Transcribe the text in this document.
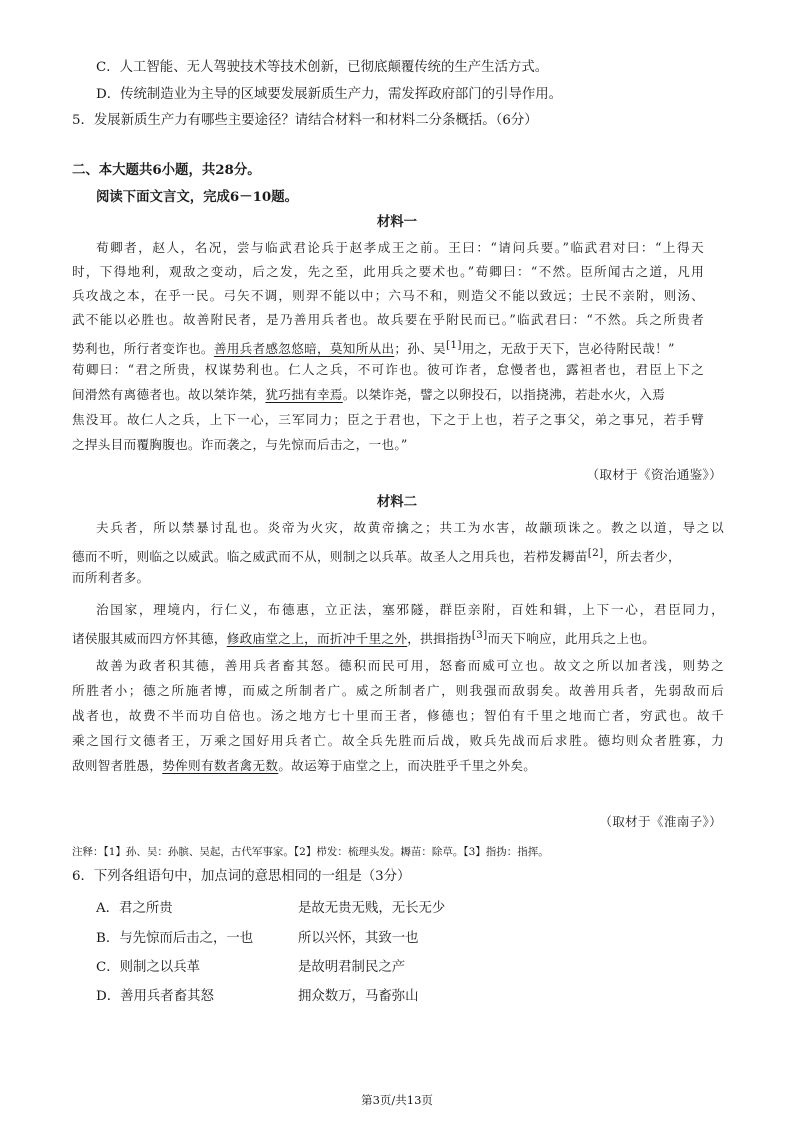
C．人工智能、无人驾驶技术等技术创新，已彻底颠覆传统的生产生活方式。
D．传统制造业为主导的区域要发展新质生产力，需发挥政府部门的引导作用。
5．发展新质生产力有哪些主要途径？请结合材料一和材料二分条概括。（6分）
二、本大题共6小题，共28分。
阅读下面文言文，完成6－10题。
材料一
荀卿者，赵人，名况，尝与临武君论兵于赵孝成王之前。王曰：“请问兵要。”临武君对曰：“上得天
时，下得地利，观敌之变动，后之发，先之至，此用兵之要术也。”荀卿曰：“不然。臣所闻古之道，凡用
兵攻战之本，在乎一民。弓矢不调，则羿不能以中；六马不和，则造父不能以致远；士民不亲附，则汤、
武不能以必胜也。故善附民者，是乃善用兵者也。故兵要在乎附民而已。”临武君曰：“不然。兵之所贵者
势利也，所行者变诈也。善用兵者感忽悠暗，莫知所从出；孙、吴[1]用之，无敌于天下，岂必待附民哉！”
荀卿曰：“君之所贵，权谋势利也。仁人之兵，不可诈也。彼可诈者，怠慢者也，露袒者也，君臣上下之
间滑然有离德者也。故以桀诈桀，犹巧拙有幸焉。以桀诈尧，譬之以卵投石，以指挠沸，若赴水火，入焉
焦没耳。故仁人之兵，上下一心，三军同力；臣之于君也，下之于上也，若子之事父，弟之事兄，若手臂
之捍头目而覆胸腹也。诈而袭之，与先惊而后击之，一也。”
（取材于《资治通鉴》）
材料二
夫兵者，所以禁暴讨乱也。炎帝为火灾，故黄帝擒之；共工为水害，故颛顼诛之。教之以道，导之以
德而不听，则临之以威武。临之威武而不从，则制之以兵革。故圣人之用兵也，若栉发耨苗[2]，所去者少，
而所利者多。
治国家，理境内，行仁义，布德惠，立正法，塞邪隧，群臣亲附，百姓和辑，上下一心，君臣同力，
诸侯服其威而四方怀其德，修政庙堂之上，而折冲千里之外，拱揖指㧑[3]而天下响应，此用兵之上也。
故善为政者积其德，善用兵者畜其怒。德积而民可用，怒畜而威可立也。故文之所以加者浅，则势之
所胜者小；德之所施者博，而威之所制者广。威之所制者广，则我强而敌弱矣。故善用兵者，先弱敌而后
战者也，故费不半而功自倍也。汤之地方七十里而王者，修德也；智伯有千里之地而亡者，穷武也。故千
乘之国行文德者王，万乘之国好用兵者亡。故全兵先胜而后战，败兵先战而后求胜。德均则众者胜寡，力
敌则智者胜愚，势侔则有数者禽无数。故运筹于庙堂之上，而决胜乎千里之外矣。
（取材于《淮南子》）
注释：【1】孙、吴：孙膑、吴起，古代军事家。【2】栉发：梳理头发。耨苗：除草。【3】指㧑：指挥。
6．下列各组语句中，加点词的意思相同的一组是（3分）
A．君之所贵	是故无贵无贱，无长无少
B．与先惊而后击之，一也	所以兴怀，其致一也
C．则制之以兵革	是故明君制民之产
D．善用兵者畜其怒	拥众数万，马畜弥山
第3页/共13页
